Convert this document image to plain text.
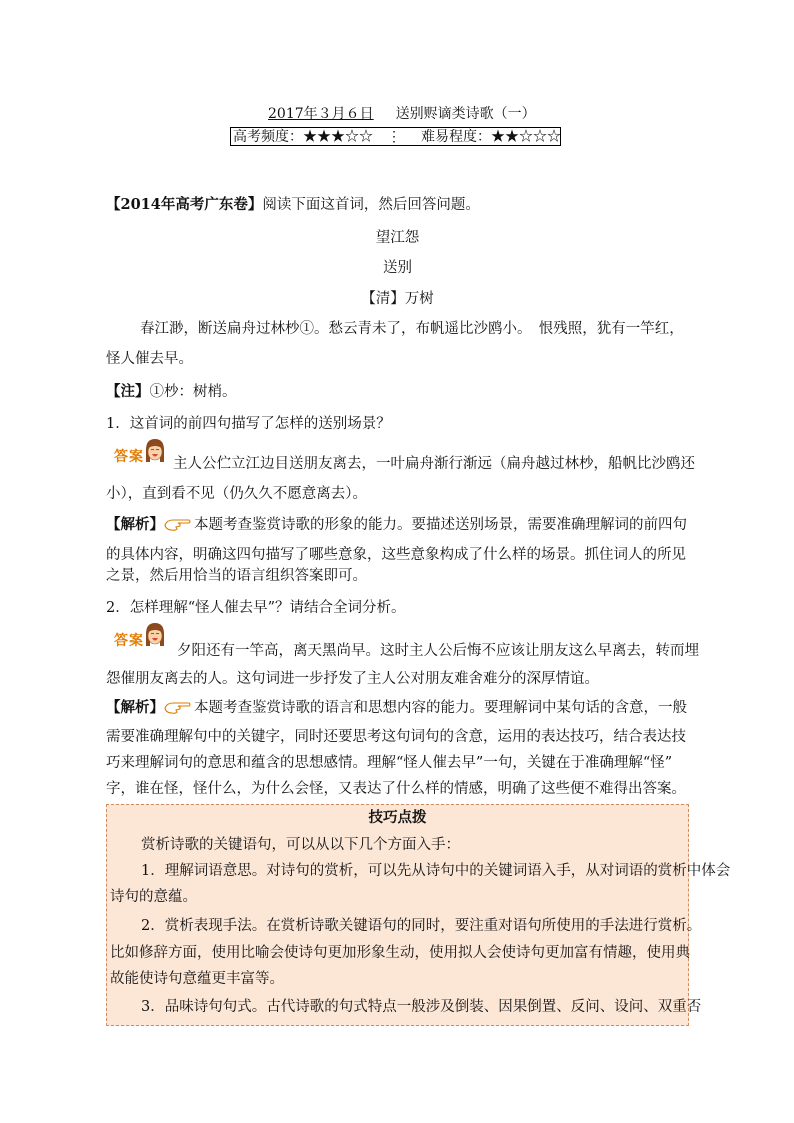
2017年３月６日 送别赆谪类诗歌（一）
高考频度：★★★☆☆ ⋮ 难易程度：★★☆☆☆
【2014年高考广东卷】阅读下面这首词，然后回答问题。
望江怨
送别
【清】万树
春江渺，断送扁舟过林杪①。愁云青未了，布帆遥比沙鸥小。　恨残照，犹有一竿红，
怪人催去早。
【注】①杪：树梢。
1．这首词的前四句描写了怎样的送别场景？
答案 主人公伫立江边目送朋友离去，一叶扁舟渐行渐远（扁舟越过林杪，船帆比沙鸥还
小），直到看不见（仍久久不愿意离去）。
【解析】 本题考查鉴赏诗歌的形象的能力。要描述送别场景，需要准确理解词的前四句
的具体内容，明确这四句描写了哪些意象，这些意象构成了什么样的场景。抓住词人的所见
之景，然后用恰当的语言组织答案即可。
2．怎样理解“怪人催去早”？请结合全词分析。
答案
夕阳还有一竿高，离天黑尚早。这时主人公后悔不应该让朋友这么早离去，转而埋
怨催朋友离去的人。这句词进一步抒发了主人公对朋友难舍难分的深厚情谊。
【解析】 本题考查鉴赏诗歌的语言和思想内容的能力。要理解词中某句话的含意，一般
需要准确理解句中的关键字，同时还要思考这句词句的含意，运用的表达技巧，结合表达技
巧来理解词句的意思和蕴含的思想感情。理解“怪人催去早”一句，关键在于准确理解“怪”
字，谁在怪，怪什么，为什么会怪，又表达了什么样的情感，明确了这些便不难得出答案。
技巧点拨
赏析诗歌的关键语句，可以从以下几个方面入手：
1．理解词语意思。对诗句的赏析，可以先从诗句中的关键词语入手，从对词语的赏析中体会
诗句的意蕴。
2．赏析表现手法。在赏析诗歌关键语句的同时，要注重对语句所使用的手法进行赏析。
比如修辞方面，使用比喻会使诗句更加形象生动，使用拟人会使诗句更加富有情趣，使用典
故能使诗句意蕴更丰富等。
3．品味诗句句式。古代诗歌的句式特点一般涉及倒装、因果倒置、反问、设问、双重否
